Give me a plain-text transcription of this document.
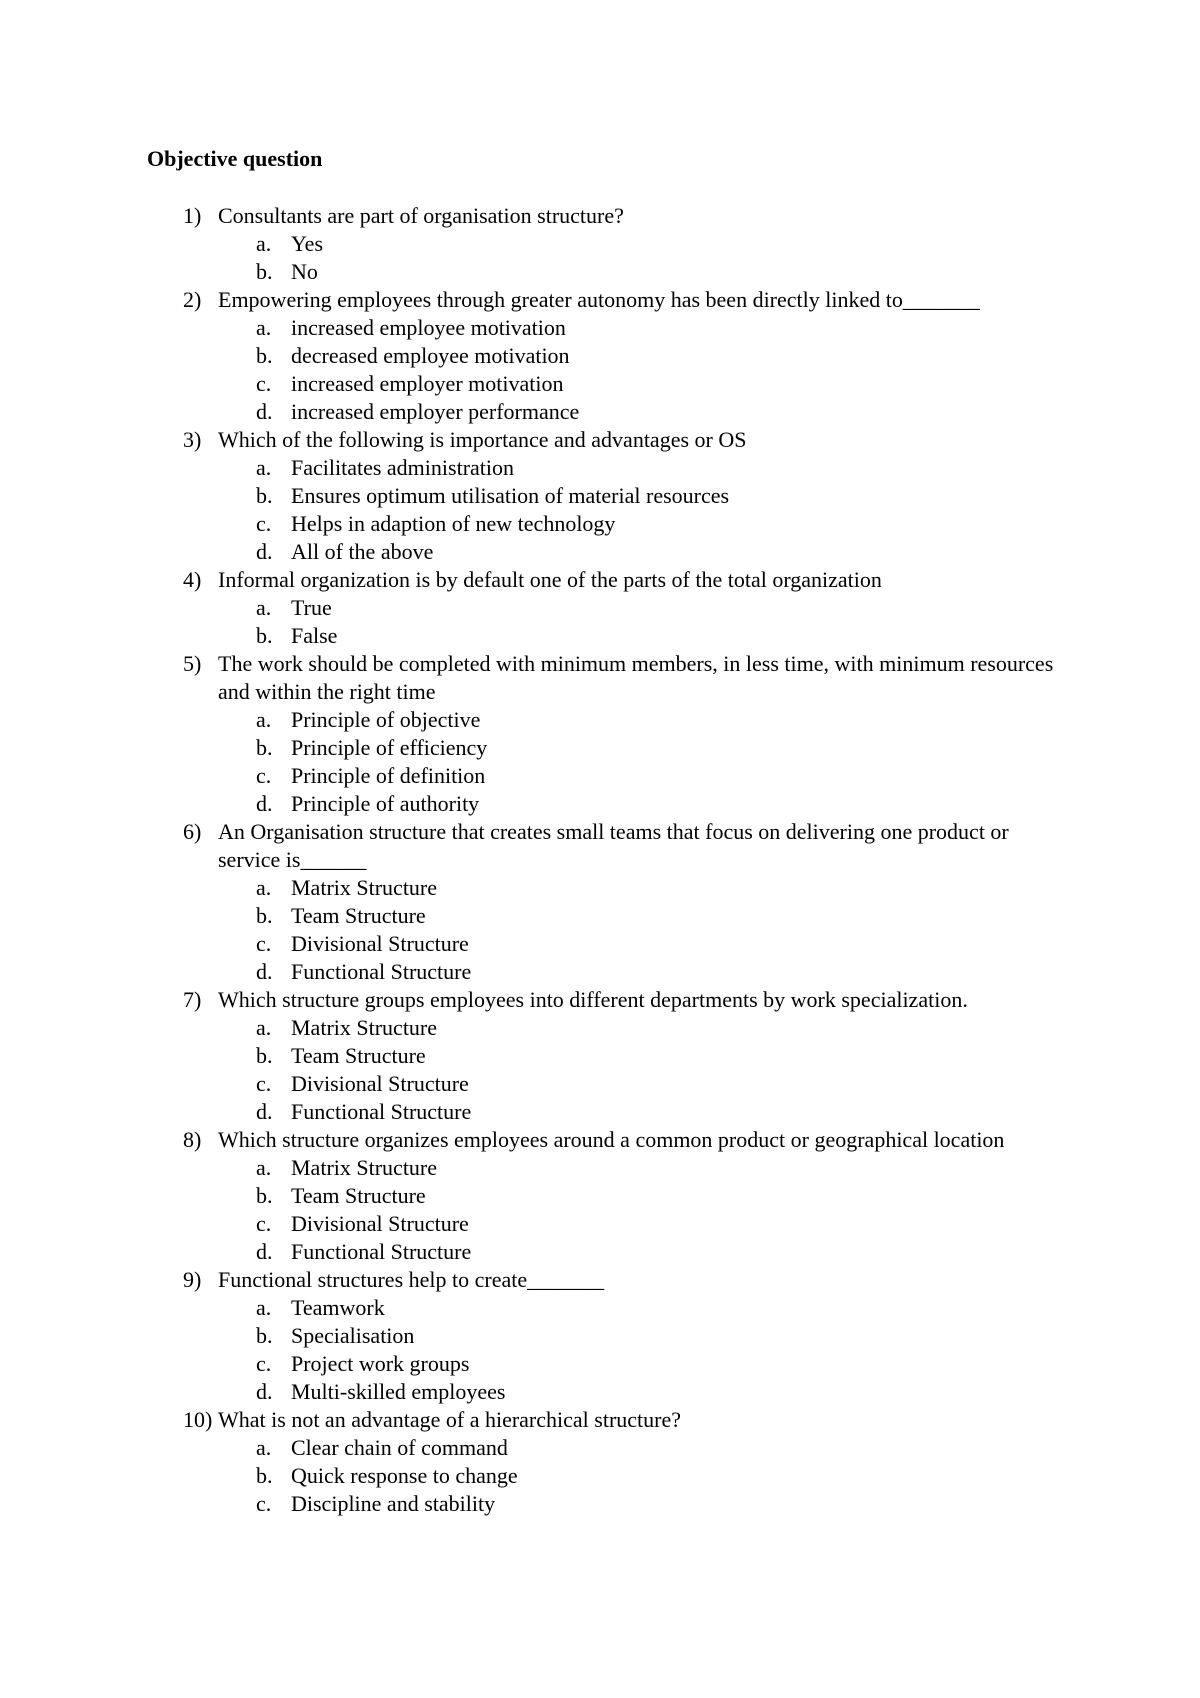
Objective question
1) Consultants are part of organisation structure?
a. Yes
b. No
2) Empowering employees through greater autonomy has been directly linked to_______
a. increased employee motivation
b. decreased employee motivation
c. increased employer motivation
d. increased employer performance
3) Which of the following is importance and advantages or OS
a. Facilitates administration
b. Ensures optimum utilisation of material resources
c. Helps in adaption of new technology
d. All of the above
4) Informal organization is by default one of the parts of the total organization
a. True
b. False
5) The work should be completed with minimum members, in less time, with minimum resources and within the right time
a. Principle of objective
b. Principle of efficiency
c. Principle of definition
d. Principle of authority
6) An Organisation structure that creates small teams that focus on delivering one product or service is______
a. Matrix Structure
b. Team Structure
c. Divisional Structure
d. Functional Structure
7) Which structure groups employees into different departments by work specialization.
a. Matrix Structure
b. Team Structure
c. Divisional Structure
d. Functional Structure
8) Which structure organizes employees around a common product or geographical location
a. Matrix Structure
b. Team Structure
c. Divisional Structure
d. Functional Structure
9) Functional structures help to create_______
a. Teamwork
b. Specialisation
c. Project work groups
d. Multi-skilled employees
10) What is not an advantage of a hierarchical structure?
a. Clear chain of command
b. Quick response to change
c. Discipline and stability
